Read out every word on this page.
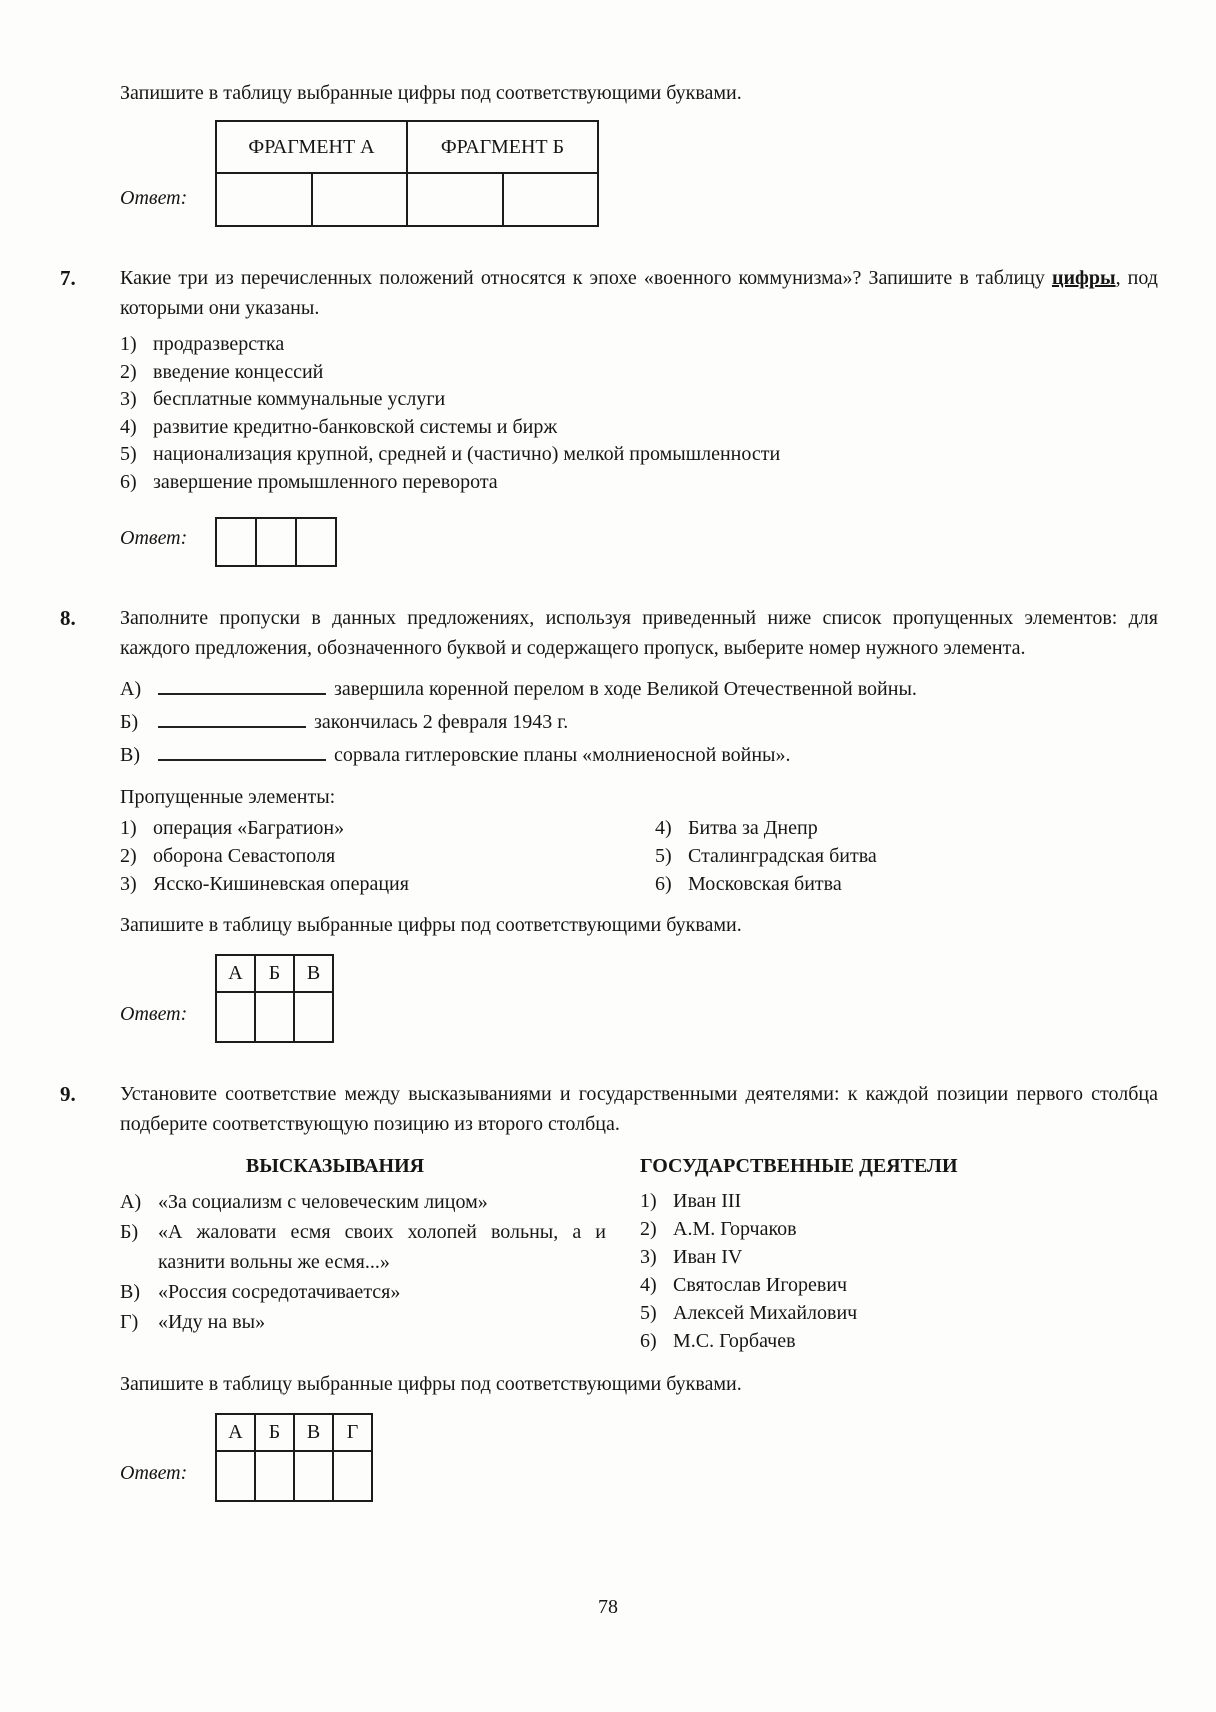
Запишите в таблицу выбранные цифры под соответствующими буквами.

Ответ:
ФРАГМЕНТ А		ФРАГМЕНТ Б	

7.	Какие три из перечисленных положений относятся к эпохе «военного коммунизма»? Запишите в таблицу цифры, под которыми они указаны.

1) продразверстка
2) введение концессий
3) бесплатные коммунальные услуги
4) развитие кредитно-банковской системы и бирж
5) национализация крупной, средней и (частично) мелкой промышленности
6) завершение промышленного переворота
Ответ:

8.	Заполните пропуски в данных предложениях, используя приведенный ниже список пропущенных элементов: для каждого предложения, обозначенного буквой и содержащего пропуск, выберите номер нужного элемента.

А)	завершила коренной перелом в ходе Великой Отечественной войны.
Б)	закончилась 2 февраля 1943 г.
В)	сорвала гитлеровские планы «молниеносной войны».

Пропущенные элементы:

1) операция «Багратион»
2) оборона Севастополя
3) Ясско-Кишиневская операция
4) Битва за Днепр
5) Сталинградская битва
6) Московская битва

Запишите в таблицу выбранные цифры под соответствующими буквами.

Ответ:
А	Б	В

9.	Установите соответствие между высказываниями и государственными деятелями: к каждой позиции первого столбца подберите соответствующую позицию из второго столбца.

ВЫСКАЗЫВАНИЯ

А) «За социализм с человеческим лицом»
Б) «А жаловати есмя своих холопей вольны, а и казнити вольны же есмя...»
В) «Россия сосредотачивается»
Г) «Иду на вы»

ГОСУДАРСТВЕННЫЕ ДЕЯТЕЛИ

1) Иван III
2) А.М. Горчаков
3) Иван IV
4) Святослав Игоревич
5) Алексей Михайлович
6) М.С. Горбачев

Запишите в таблицу выбранные цифры под соответствующими буквами.

Ответ:
А	Б	В	Г

78
